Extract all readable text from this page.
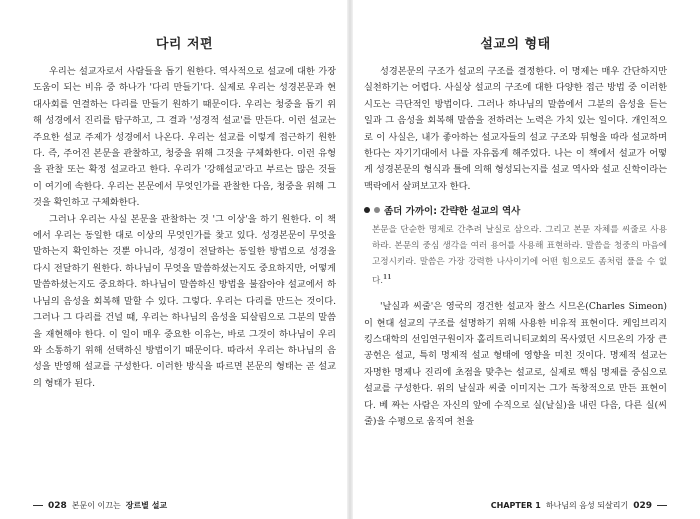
다리 저편

우리는 설교자로서 사람들을 돕기 원한다. 역사적으로 설교에 대한 가장 도움이 되는 비유 중 하나가 '다리 만들기'다. 실제로 우리는 성경본문과 현대사회를 연결하는 다리를 만들기 원하기 때문이다. 우리는 청중을 돕기 위해 성경에서 진리를 탐구하고, 그 결과 '성경적 설교'를 만든다. 이런 설교는 주요한 설교 주제가 성경에서 나온다. 우리는 설교를 이렇게 접근하기 원한다. 즉, 주어진 본문을 관찰하고, 청중을 위해 그것을 구체화한다. 이런 유형을 관찰 또는 확정 설교라고 한다. 우리가 '강해설교'라고 부르는 많은 것들이 여기에 속한다. 우리는 본문에서 무엇인가를 관찰한 다음, 청중을 위해 그것을 확인하고 구체화한다.

그러나 우리는 사실 본문을 관찰하는 것 '그 이상'을 하기 원한다. 이 책에서 우리는 동일한 대로 이상의 무엇인가를 찾고 있다. 성경본문이 무엇을 말하는지 확인하는 것뿐 아니라, 성경이 전달하는 동일한 방법으로 성경을 다시 전달하기 원한다. 하나님이 무엇을 말씀하셨는지도 중요하지만, 어떻게 말씀하셨는지도 중요하다. 하나님이 말씀하신 방법을 불잡아야 설교에서 하나님의 음성을 회복해 말할 수 있다. 그렇다. 우리는 다리를 만드는 것이다. 그러나 그 다리를 건널 때, 우리는 하나님의 음성을 되살림으로 그분의 말씀을 재현해야 한다. 이 일이 매우 중요한 이유는, 바로 그것이 하나님이 우리와 소통하기 위해 선택하신 방법이기 때문이다. 따라서 우리는 하나님의 음성을 반영해 설교를 구성한다. 이러한 방식을 따르면 본문의 형태는 곧 설교의 형태가 된다.

028 본문이 이끄는 장르별 설교
설교의 형태

성경본문의 구조가 설교의 구조를 결정한다. 이 명제는 매우 간단하지만 실천하기는 어렵다. 사실상 설교의 구조에 대한 다양한 접근 방법 중 이러한 시도는 극단적인 방법이다. 그러나 하나님의 말씀에서 그분의 음성을 듣는 일과 그 음성을 회복해 말씀을 전하려는 노력은 가치 있는 일이다. 개인적으로 이 사실은, 내가 좋아하는 설교자들의 설교 구조와 뒤형을 따라 설교하며 한다는 자기기대에서 나를 자유롭게 해주었다. 나는 이 책에서 설교가 어떻게 성경본문의 형식과 틀에 의해 형성되는지를 설교 역사와 설교 신학이라는 맥락에서 살펴보고자 한다.

좀더 가까이: 간략한 설교의 역사

본문을 단순한 명제로 간추려 날실로 삼으라. 그리고 본문 자체를 씨줄로 사용하라. 본문의 중심 생각을 여러 용어를 사용해 표현하라. 말씀을 청중의 마음에 고정시키라. 말씀은 가장 강력한 나사이기에 어떤 힘으로도 좀처럼 풀을 수 없다.$^{11}$

'날실과 씨줄'은 영국의 경건한 설교자 찰스 시므온(Charles Simeon)이 현대 설교의 구조를 설명하기 위해 사용한 비유적 표현이다. 케임브리지 킹스대학의 선임연구원이자 홀리트리니티교회의 목사였던 시므온의 가장 큰 공헌은 설교, 특히 명제적 설교 형태에 영향을 미친 것이다. 명제적 설교는 자명한 명제나 진리에 초점을 맞추는 설교로, 실제로 핵심 명제를 중심으로 설교를 구성한다. 위의 날실과 씨줄 이미지는 그가 독창적으로 만든 표현이다. 베 짜는 사람은 자신의 앞에 수직으로 실(날실)을 내린 다음, 다른 실(씨줄)을 수평으로 움직여 천을

CHAPTER 1 하나님의 음성 되살리기 029
